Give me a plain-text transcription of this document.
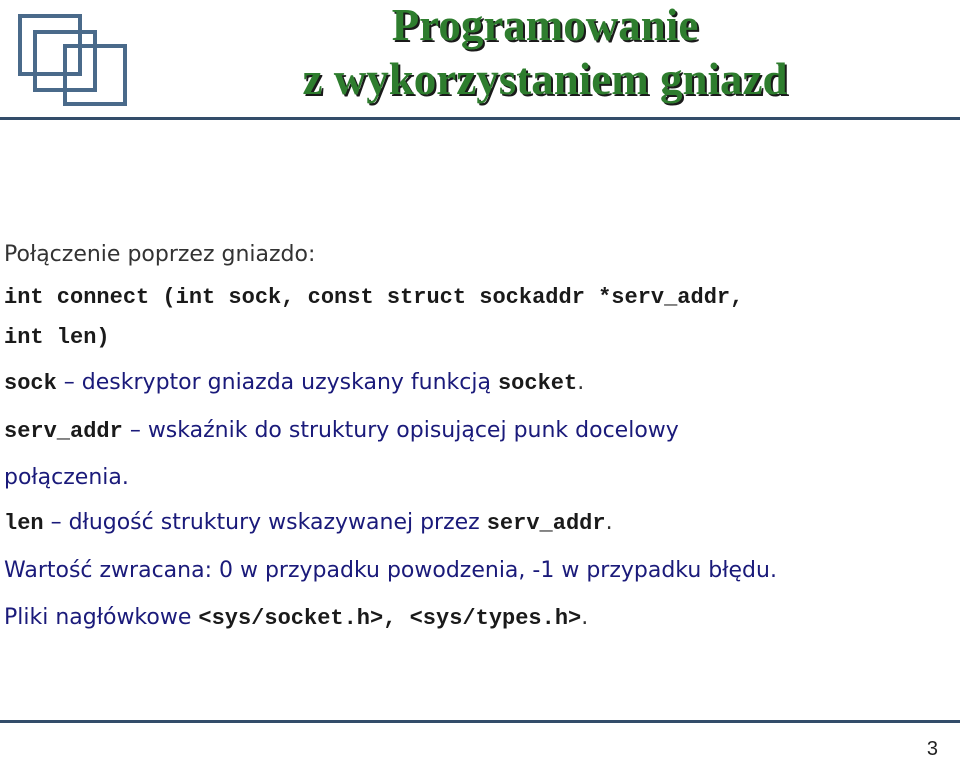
Programowanie
z wykorzystaniem gniazd
Połączenie poprzez gniazdo:
int connect (int sock, const struct sockaddr *serv_addr,
int len)
sock – deskryptor gniazda uzyskany funkcją socket.
serv_addr – wskaźnik do struktury opisującej punk docelowy
połączenia.
len – długość struktury wskazywanej przez serv_addr.
Wartość zwracana: 0 w przypadku powodzenia, -1 w przypadku błędu.
Pliki nagłówkowe <sys/socket.h>, <sys/types.h>.
3
